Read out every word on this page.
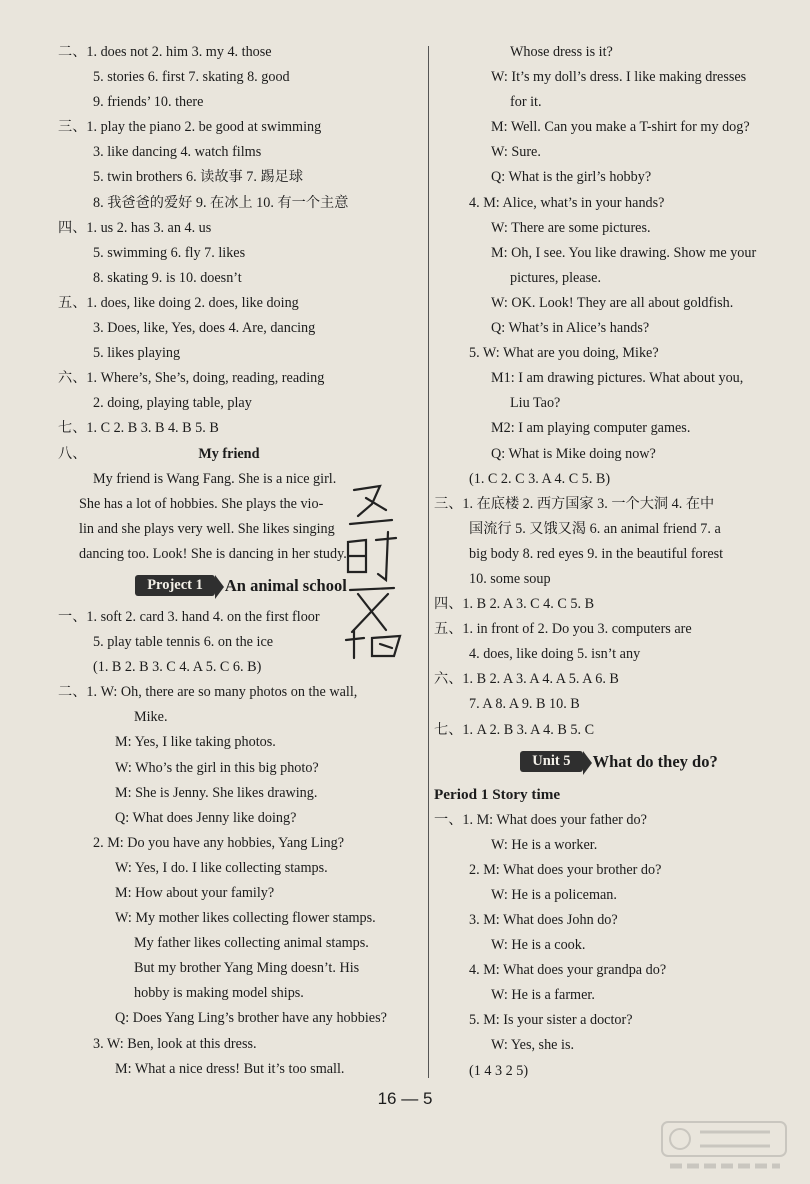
二、1. does not 2. him 3. my 4. those
5. stories 6. first 7. skating 8. good
9. friends’ 10. there
三、1. play the piano 2. be good at swimming
3. like dancing 4. watch films
5. twin brothers 6. 读故事 7. 踢足球
8. 我爸爸的爱好 9. 在冰上 10. 有一个主意
四、1. us 2. has 3. an 4. us
5. swimming 6. fly 7. likes
8. skating 9. is 10. doesn’t
五、1. does, like doing 2. does, like doing
3. Does, like, Yes, does 4. Are, dancing
5. likes playing
六、1. Where’s, She’s, doing, reading, reading
2. doing, playing table, play
七、1. C 2. B 3. B 4. B 5. B
八、	My friend
My friend is Wang Fang. She is a nice girl.
She has a lot of hobbies. She plays the vio-
lin and she plays very well. She likes singing
dancing too. Look! She is dancing in her study.
Project 1	An animal school
一、1. soft 2. card 3. hand 4. on the first floor
5. play table tennis 6. on the ice
(1. B 2. B 3. C 4. A 5. C 6. B)
二、1. W: Oh, there are so many photos on the wall,
Mike.
M: Yes, I like taking photos.
W: Who’s the girl in this big photo?
M: She is Jenny. She likes drawing.
Q: What does Jenny like doing?
2. M: Do you have any hobbies, Yang Ling?
W: Yes, I do. I like collecting stamps.
M: How about your family?
W: My mother likes collecting flower stamps.
My father likes collecting animal stamps.
But my brother Yang Ming doesn’t. His
hobby is making model ships.
Q: Does Yang Ling’s brother have any hobbies?
3. W: Ben, look at this dress.
M: What a nice dress! But it’s too small.
Whose dress is it?
W: It’s my doll’s dress. I like making dresses
for it.
M: Well. Can you make a T-shirt for my dog?
W: Sure.
Q: What is the girl’s hobby?
4. M: Alice, what’s in your hands?
W: There are some pictures.
M: Oh, I see. You like drawing. Show me your
pictures, please.
W: OK. Look! They are all about goldfish.
Q: What’s in Alice’s hands?
5. W: What are you doing, Mike?
M1: I am drawing pictures. What about you,
Liu Tao?
M2: I am playing computer games.
Q: What is Mike doing now?
(1. C 2. C 3. A 4. C 5. B)
三、1. 在底楼 2. 西方国家 3. 一个大洞 4. 在中
国流行 5. 又饿又渴 6. an animal friend 7. a
big body 8. red eyes 9. in the beautiful forest
10. some soup
四、1. B 2. A 3. C 4. C 5. B
五、1. in front of 2. Do you 3. computers are
4. does, like doing 5. isn’t any
六、1. B 2. A 3. A 4. A 5. A 6. B
7. A 8. A 9. B 10. B
七、1. A 2. B 3. A 4. B 5. C
Unit 5	What do they do?
Period 1 Story time
一、1. M: What does your father do?
W: He is a worker.
2. M: What does your brother do?
W: He is a policeman.
3. M: What does John do?
W: He is a cook.
4. M: What does your grandpa do?
W: He is a farmer.
5. M: Is your sister a doctor?
W: Yes, she is.
(1 4 3 2 5)
16 — 5
